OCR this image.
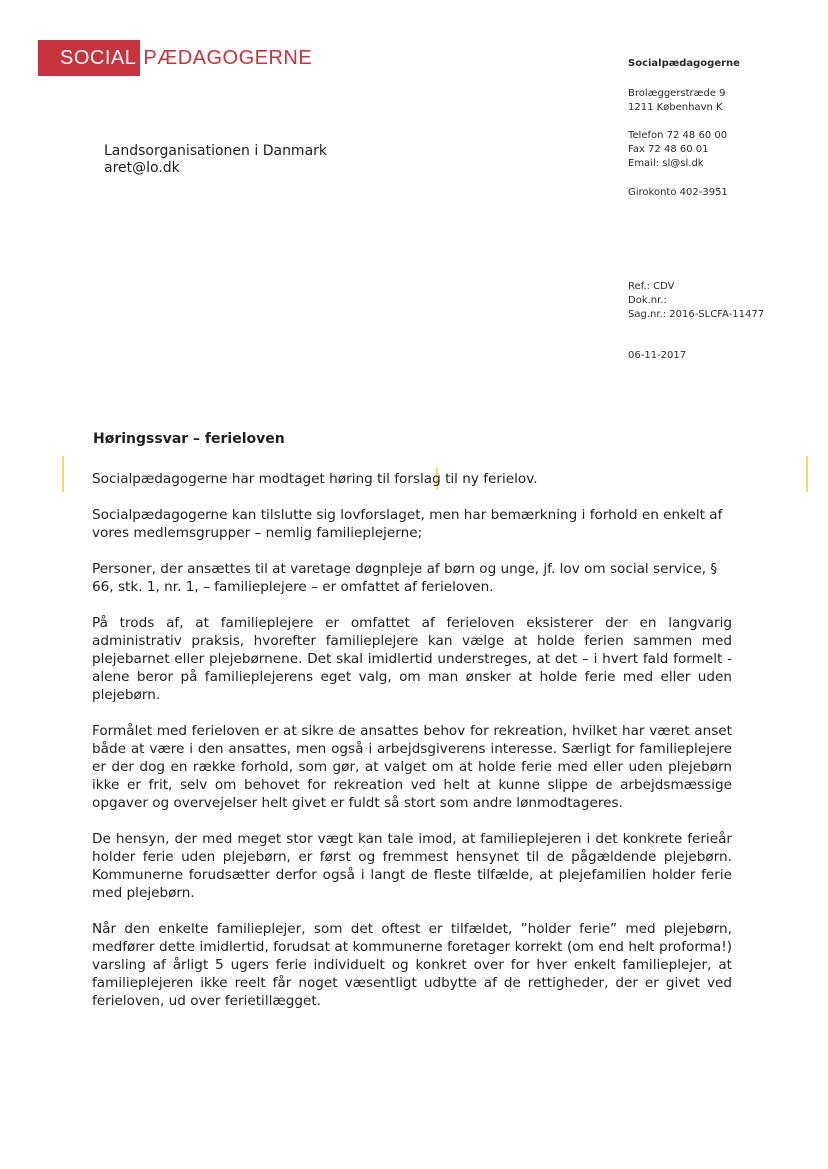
SOCIAL PÆDAGOGERNE	Socialpædagogerne
Brolæggerstræde 9
1211 København K
Telefon 72 48 60 00
Fax 72 48 60 01
Email: sl@sl.dk
Girokonto 402-3951
Ref.: CDV
Dok.nr.:
Sag.nr.: 2016-SLCFA-11477
06-11-2017
Landsorganisationen i Danmark
aret@lo.dk
Høringssvar – ferieloven

Socialpædagogerne har modtaget høring til forslag til ny ferielov.

Socialpædagogerne kan tilslutte sig lovforslaget, men har bemærkning i forhold en enkelt af vores medlemsgrupper – nemlig familieplejerne;

Personer, der ansættes til at varetage døgnpleje af børn og unge, jf. lov om social service, § 66, stk. 1, nr. 1, – familieplejere – er omfattet af ferieloven.

På trods af, at familieplejere er omfattet af ferieloven eksisterer der en langvarig administrativ praksis, hvorefter familieplejere kan vælge at holde ferien sammen med plejebarnet eller plejebørnene. Det skal imidlertid understreges, at det – i hvert fald formelt - alene beror på familieplejerens eget valg, om man ønsker at holde ferie med eller uden plejebørn.

Formålet med ferieloven er at sikre de ansattes behov for rekreation, hvilket har været anset både at være i den ansattes, men også i arbejdsgiverens interesse. Særligt for familieplejere er der dog en række forhold, som gør, at valget om at holde ferie med eller uden plejebørn ikke er frit, selv om behovet for rekreation ved helt at kunne slippe de arbejdsmæssige opgaver og overvejelser helt givet er fuldt så stort som andre lønmodtageres.

De hensyn, der med meget stor vægt kan tale imod, at familieplejeren i det konkrete ferieår holder ferie uden plejebørn, er først og fremmest hensynet til de pågældende plejebørn. Kommunerne forudsætter derfor også i langt de fleste tilfælde, at plejefamilien holder ferie med plejebørn.

Når den enkelte familieplejer, som det oftest er tilfældet, ”holder ferie” med plejebørn, medfører dette imidlertid, forudsat at kommunerne foretager korrekt (om end helt proforma!) varsling af årligt 5 ugers ferie individuelt og konkret over for hver enkelt familieplejer, at familieplejeren ikke reelt får noget væsentligt udbytte af de rettigheder, der er givet ved ferieloven, ud over ferietillægget.
